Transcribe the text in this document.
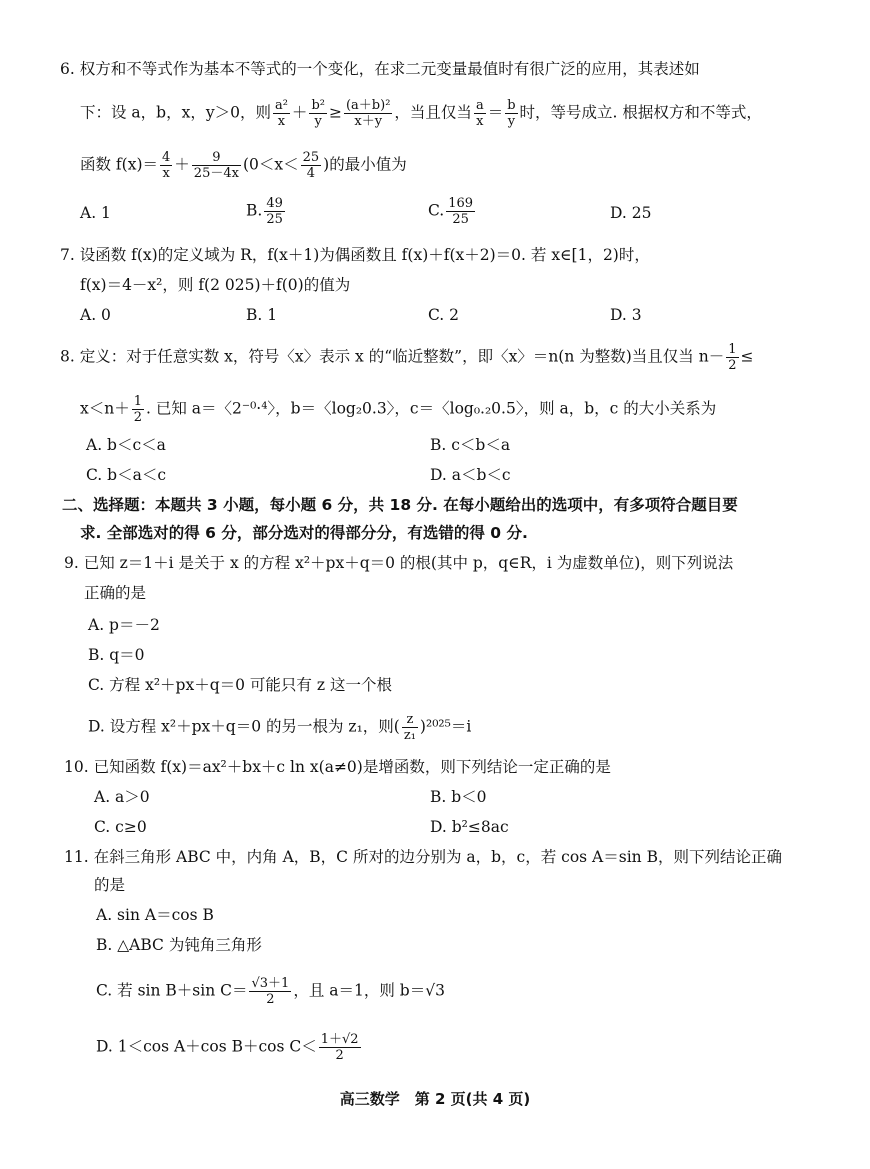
6. 权方和不等式作为基本不等式的一个变化，在求二元变量最值时有很广泛的应用，其表述如
下：设 a，b，x，y＞0，则 $\frac{\text{a²}}{x} + \frac{\text{b²}}{y} \ge \frac{\text{(a＋b)²}}{x+y}$ ，当且仅当 $\frac{a}{x} = \frac{b}{y}$ 时，等号成立. 根据权方和不等式，
函数 $f(x)= \frac{4}{x} + \frac{9}{25-4x} (0<x< \frac{25}{4}$ )的最小值为
A. 1	B. $\frac{49}{25}$	C. $\frac{169}{25}$	D. 25
7. 设函数 f(x)的定义域为 R，f(x＋1)为偶函数且 f(x)＋f(x＋2)＝0. 若 x∈[1，2)时，
f(x)＝4－x²，则 f(2 025)＋f(0)的值为
A. 0	B. 1	C. 2	D. 3
8. 定义：对于任意实数 x，符号〈x〉表示 x 的“临近整数”，即〈x〉＝n(n 为整数)当且仅当 $n- \frac{1}{2}$ ≤
$x<n+ \frac{1}{2}$ . 已知 a＝〈2⁻⁰·⁴〉，b＝〈log₂0.3〉，c＝〈log₀.₂0.5〉，则 a，b，c 的大小关系为
A. b＜c＜a	B. c＜b＜a
C. b＜a＜c	D. a＜b＜c
二、选择题：本题共 3 小题，每小题 6 分，共 18 分. 在每小题给出的选项中，有多项符合题目要
求. 全部选对的得 6 分，部分选对的得部分分，有选错的得 0 分.
9. 已知 z＝1＋i 是关于 x 的方程 x²＋px＋q＝0 的根(其中 p，q∈R，i 为虚数单位)，则下列说法
正确的是
A. p＝－2
B. q＝0
C. 方程 x²＋px＋q＝0 可能只有 z 这一个根
D. 设方程 x²＋px＋q＝0 的另一根为 z₁，则( $\frac{z}{\text{z₁}} )^{2025}=i$
10. 已知函数 f(x)＝ax²＋bx＋c ln x(a≠0)是增函数，则下列结论一定正确的是
A. a＞0	B. b＜0
C. c≥0	D. b²≤8ac
11. 在斜三角形 ABC 中，内角 A，B，C 所对的边分别为 a，b，c，若 cos A＝sin B，则下列结论正确
的是
A. sin A＝cos B
B. △ABC 为钝角三角形
C. 若 sin B＋sin $C= \frac{√3+1}{2}$ ，且 a＝1，则 b＝√3
D. 1＜cos A＋cos B＋cos $C< \frac{1+√2}{2}$
高三数学　第 2 页(共 4 页)
